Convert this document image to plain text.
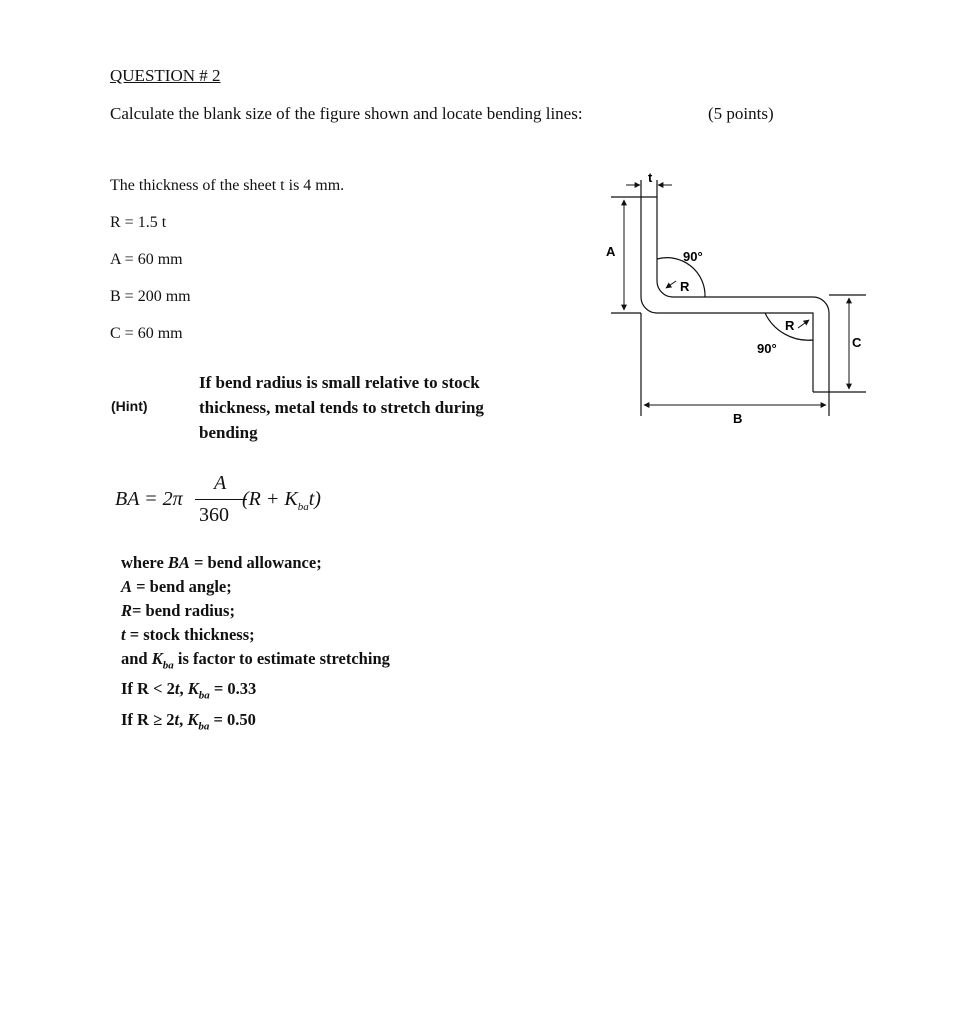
QUESTION # 2
Calculate the blank size of the figure shown and locate bending lines:	(5 points)
The thickness of the sheet t is 4 mm.
R = 1.5 t
A = 60 mm
B = 200 mm
C = 60 mm
(Hint)
If bend radius is small relative to stock
thickness, metal tends to stretch during
bending
BA = 2π
A
360
$(R + K_{ba}t)$
where BA = bend allowance;
A = bend angle;
R= bend radius;
t = stock thickness;
and $K_{ba}$ is factor to estimate stretching
If R < 2t, $K_{ba} = 0.33$
If R ≥ 2t, $K_{ba} = 0.50$
t
A
B
C
R
R
90°
90°
